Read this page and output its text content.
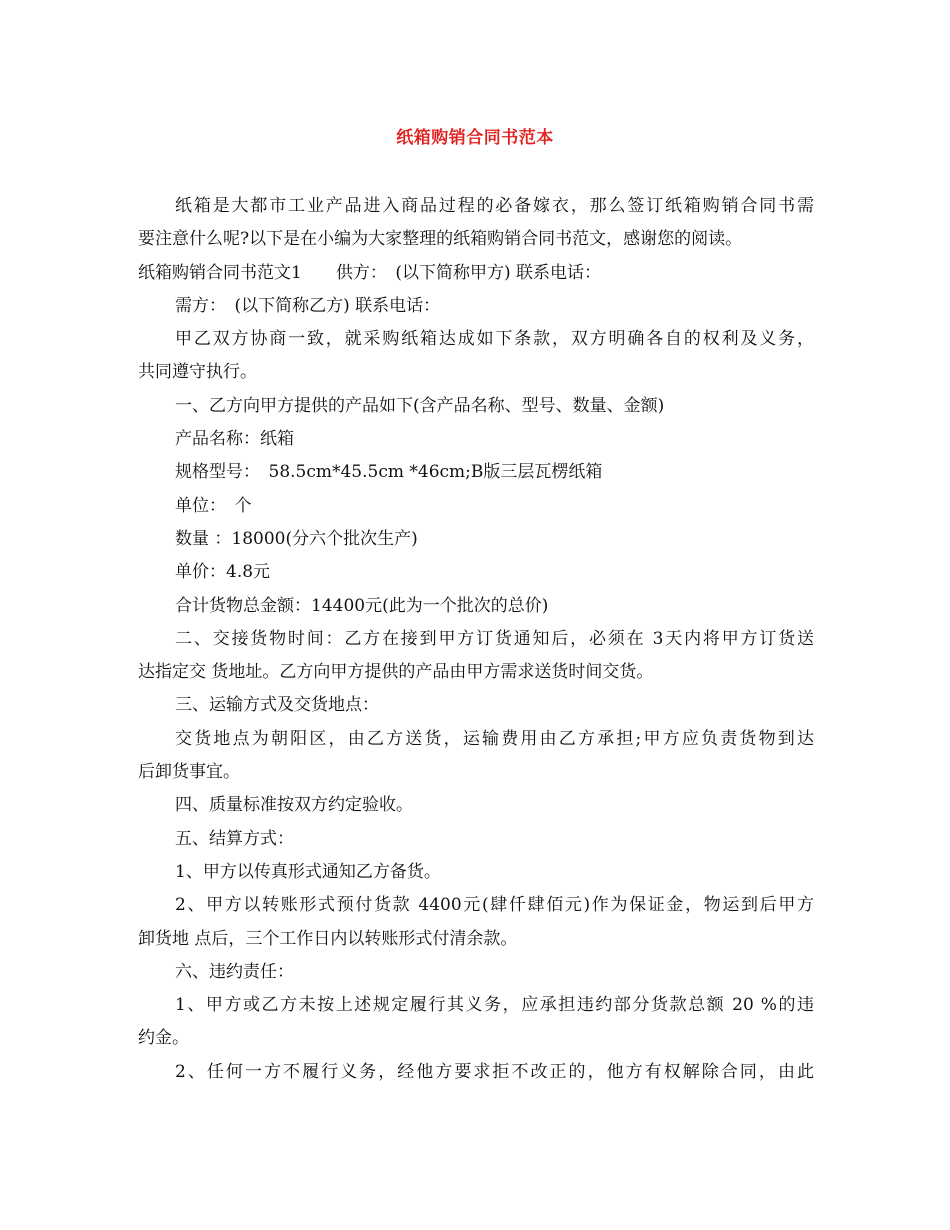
纸箱购销合同书范本
纸箱是大都市工业产品进入商品过程的必备嫁衣，那么签订纸箱购销合同书需
要注意什么呢?以下是在小编为大家整理的纸箱购销合同书范文，感谢您的阅读。
纸箱购销合同书范文1　　供方：　(以下简称甲方) 联系电话：
需方：　(以下简称乙方) 联系电话：
甲乙双方协商一致，就采购纸箱达成如下条款，双方明确各自的权利及义务，
共同遵守执行。
一、乙方向甲方提供的产品如下(含产品名称、型号、数量、金额)
产品名称：纸箱
规格型号：　58.5cm*45.5cm *46cm;B版三层瓦楞纸箱
单位：　个
数量 ：18000(分六个批次生产)
单价：4.8元
合计货物总金额：14400元(此为一个批次的总价)
二、交接货物时间：乙方在接到甲方订货通知后，必须在 3天内将甲方订货送
达指定交 货地址。乙方向甲方提供的产品由甲方需求送货时间交货。
三、运输方式及交货地点：
交货地点为朝阳区，由乙方送货，运输费用由乙方承担;甲方应负责货物到达
后卸货事宜。
四、质量标准按双方约定验收。
五、结算方式：
1、甲方以传真形式通知乙方备货。
2、甲方以转账形式预付货款 4400元(肆仟肆佰元)作为保证金，物运到后甲方
卸货地 点后，三个工作日内以转账形式付清余款。
六、违约责任：
1、甲方或乙方未按上述规定履行其义务，应承担违约部分货款总额 20 %的违
约金。
2、任何一方不履行义务，经他方要求拒不改正的，他方有权解除合同，由此
